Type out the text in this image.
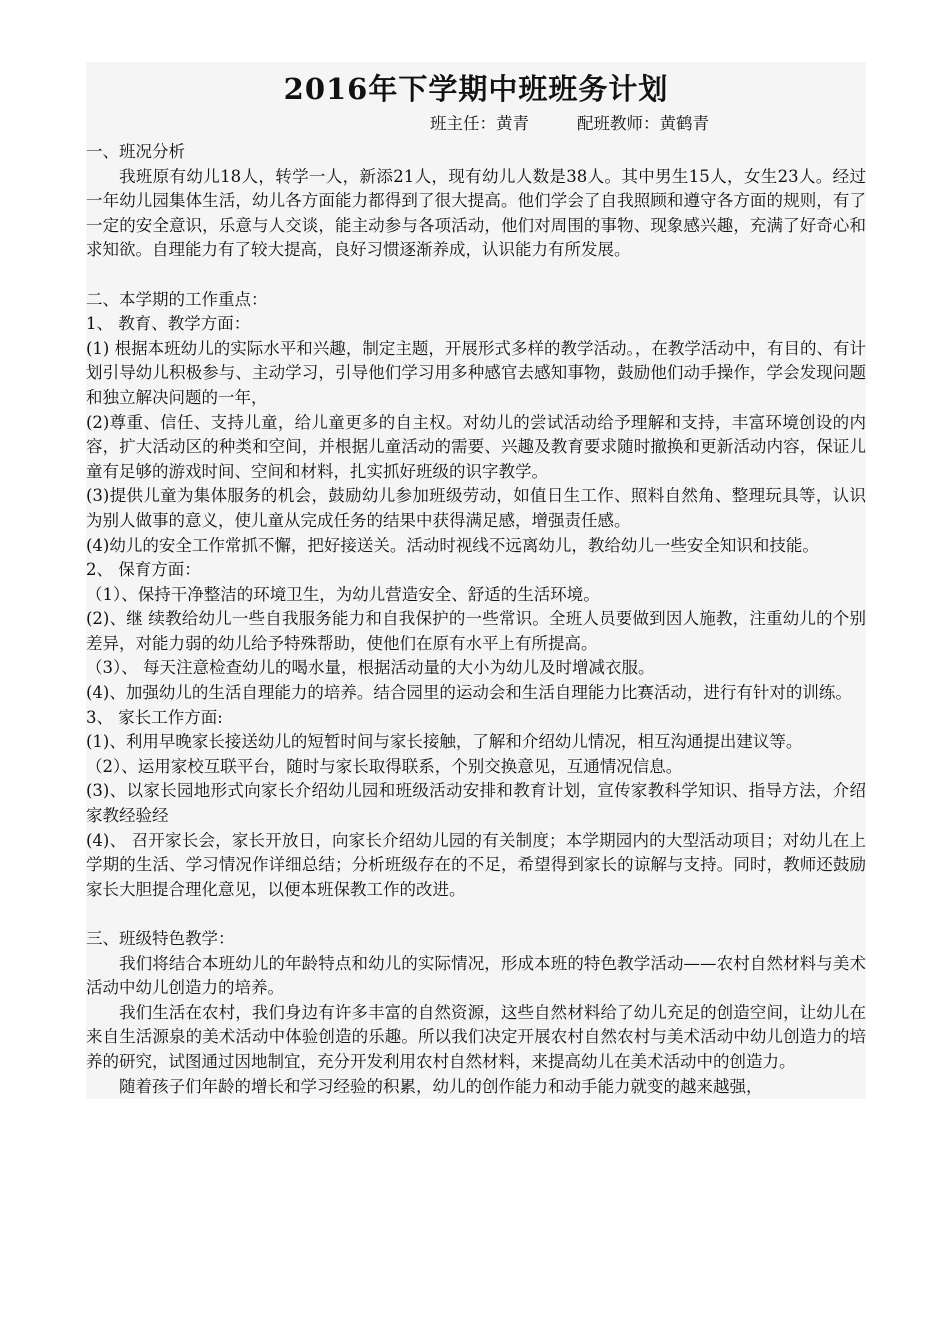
2016年下学期中班班务计划
班主任：黄青	配班教师：黄鹤青

一、班况分析

我班原有幼儿18人，转学一人，新添21人，现有幼儿人数是38人。其中男生15人，女生23人。经过一年幼儿园集体生活，幼儿各方面能力都得到了很大提高。他们学会了自我照顾和遵守各方面的规则，有了一定的安全意识，乐意与人交谈，能主动参与各项活动，他们对周围的事物、现象感兴趣，充满了好奇心和求知欲。自理能力有了较大提高，良好习惯逐渐养成，认识能力有所发展。

二、本学期的工作重点：

1、 教育、教学方面：

(1) 根据本班幼儿的实际水平和兴趣，制定主题，开展形式多样的教学活动。，在教学活动中，有目的、有计划引导幼儿积极参与、主动学习，引导他们学习用多种感官去感知事物，鼓励他们动手操作，学会发现问题和独立解决问题的一年，

(2)尊重、信任、支持儿童，给儿童更多的自主权。对幼儿的尝试活动给予理解和支持，丰富环境创设的内容，扩大活动区的种类和空间，并根据儿童活动的需要、兴趣及教育要求随时撤换和更新活动内容，保证儿童有足够的游戏时间、空间和材料，扎实抓好班级的识字教学。

(3)提供儿童为集体服务的机会，鼓励幼儿参加班级劳动，如值日生工作、照料自然角、整理玩具等，认识为别人做事的意义，使儿童从完成任务的结果中获得满足感，增强责任感。

(4)幼儿的安全工作常抓不懈，把好接送关。活动时视线不远离幼儿，教给幼儿一些安全知识和技能。

2、 保育方面：

（1）、保持干净整洁的环境卫生，为幼儿营造安全、舒适的生活环境。

(2)、继 续教给幼儿一些自我服务能力和自我保护的一些常识。全班人员要做到因人施教，注重幼儿的个别差异，对能力弱的幼儿给予特殊帮助，使他们在原有水平上有所提高。

（3）、 每天注意检查幼儿的喝水量，根据活动量的大小为幼儿及时增减衣服。

(4)、加强幼儿的生活自理能力的培养。结合园里的运动会和生活自理能力比赛活动，进行有针对的训练。

3、 家长工作方面:

(1)、利用早晚家长接送幼儿的短暂时间与家长接触，了解和介绍幼儿情况，相互沟通提出建议等。

（2）、运用家校互联平台，随时与家长取得联系，个别交换意见，互通情况信息。

(3)、以家长园地形式向家长介绍幼儿园和班级活动安排和教育计划，宣传家教科学知识、指导方法，介绍家教经验经

(4)、 召开家长会，家长开放日，向家长介绍幼儿园的有关制度；本学期园内的大型活动项目；对幼儿在上学期的生活、学习情况作详细总结；分析班级存在的不足，希望得到家长的谅解与支持。同时，教师还鼓励家长大胆提合理化意见，以便本班保教工作的改进。

三、班级特色教学：

我们将结合本班幼儿的年龄特点和幼儿的实际情况，形成本班的特色教学活动——农村自然材料与美术活动中幼儿创造力的培养。

我们生活在农村，我们身边有许多丰富的自然资源，这些自然材料给了幼儿充足的创造空间，让幼儿在来自生活源泉的美术活动中体验创造的乐趣。所以我们决定开展农村自然农村与美术活动中幼儿创造力的培养的研究，试图通过因地制宜，充分开发利用农村自然材料，来提高幼儿在美术活动中的创造力。

随着孩子们年龄的增长和学习经验的积累，幼儿的创作能力和动手能力就变的越来越强，
